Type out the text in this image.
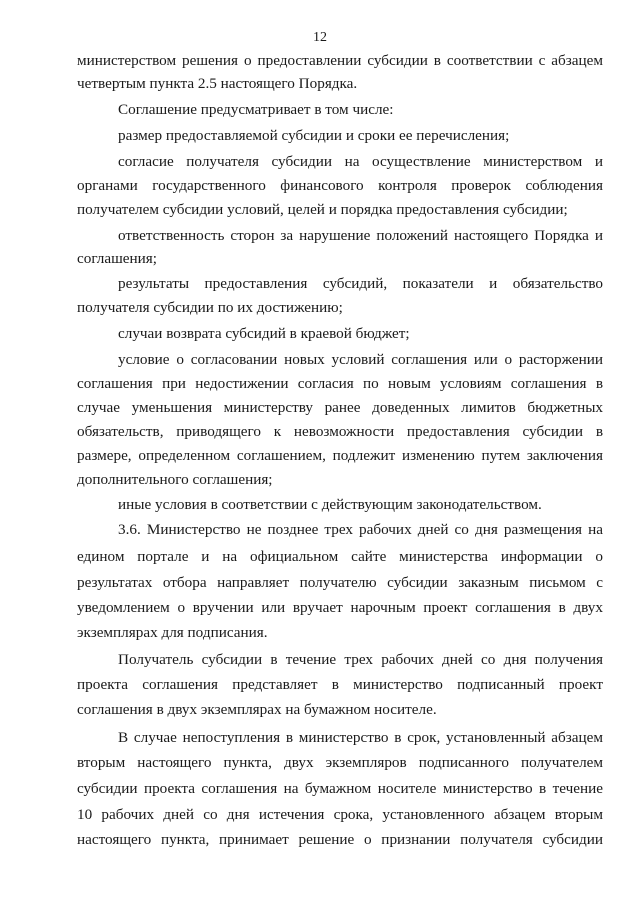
12
министерством решения о предоставлении субсидии в соответствии с абзацем
четвертым пункта 2.5 настоящего Порядка.
Соглашение предусматривает в том числе:
размер предоставляемой субсидии и сроки ее перечисления;
согласие получателя субсидии на осуществление министерством и
органами государственного финансового контроля проверок соблюдения
получателем субсидии условий, целей и порядка предоставления субсидии;
ответственность сторон за нарушение положений настоящего Порядка и
соглашения;
результаты предоставления субсидий, показатели и обязательство
получателя субсидии по их достижению;
случаи возврата субсидий в краевой бюджет;
условие о согласовании новых условий соглашения или о расторжении
соглашения при недостижении согласия по новым условиям соглашения в
случае уменьшения министерству ранее доведенных лимитов бюджетных
обязательств, приводящего к невозможности предоставления субсидии в
размере, определенном соглашением, подлежит изменению путем заключения
дополнительного соглашения;
иные условия в соответствии с действующим законодательством.
3.6. Министерство не позднее трех рабочих дней со дня размещения на
едином портале и на официальном сайте министерства информации о
результатах отбора направляет получателю субсидии заказным письмом с
уведомлением о вручении или вручает нарочным проект соглашения в двух
экземплярах для подписания.
Получатель субсидии в течение трех рабочих дней со дня получения
проекта соглашения представляет в министерство подписанный проект
соглашения в двух экземплярах на бумажном носителе.
В случае непоступления в министерство в срок, установленный абзацем
вторым настоящего пункта, двух экземпляров подписанного получателем
субсидии проекта соглашения на бумажном носителе министерство в течение
10 рабочих дней со дня истечения срока, установленного абзацем вторым
настоящего пункта, принимает решение о признании получателя субсидии
